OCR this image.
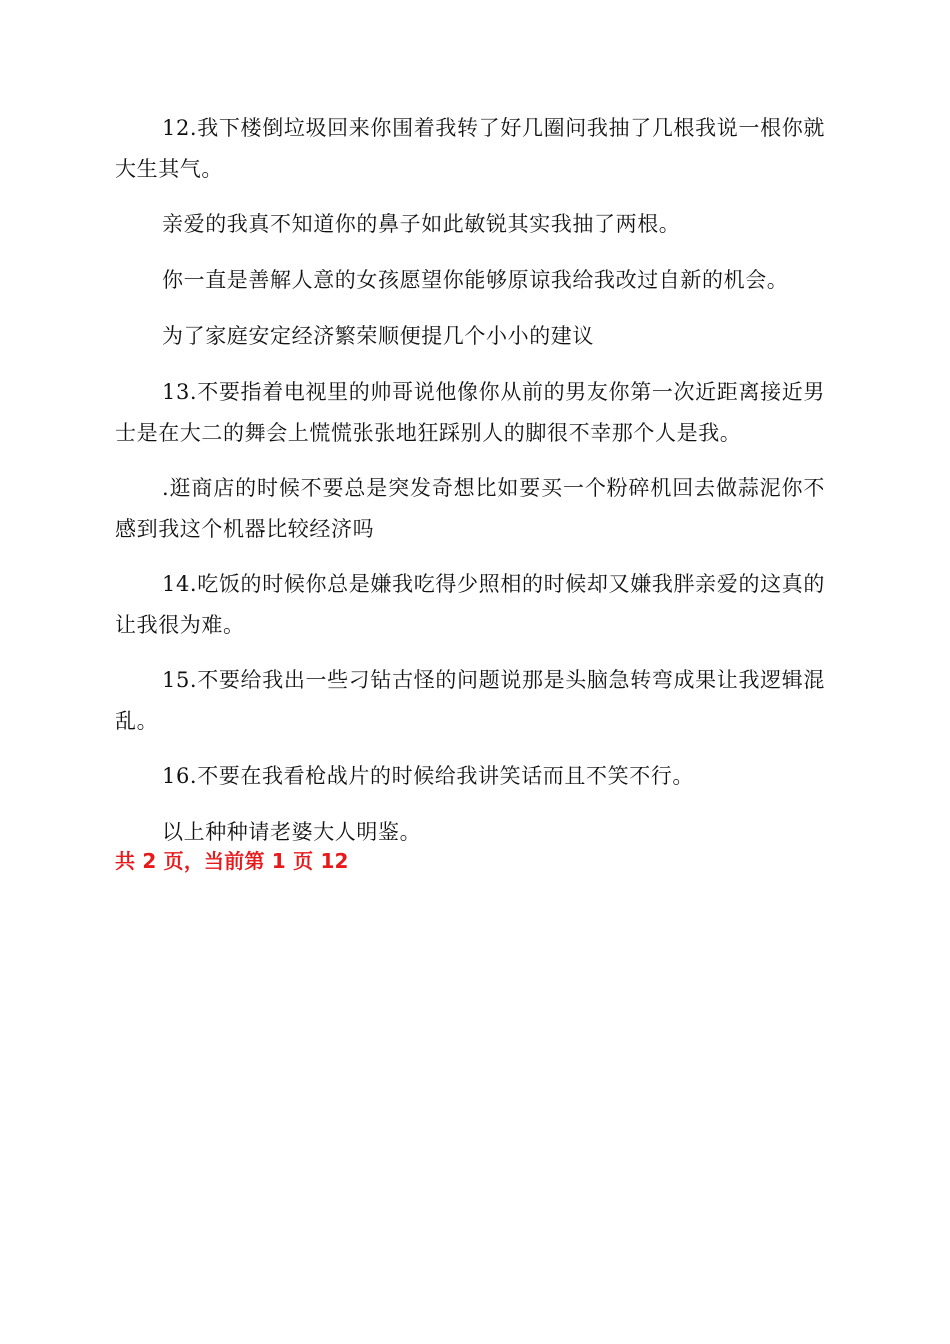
12.我下楼倒垃圾回来你围着我转了好几圈问我抽了几根我说一根你就大生其气。

亲爱的我真不知道你的鼻子如此敏锐其实我抽了两根。

你一直是善解人意的女孩愿望你能够原谅我给我改过自新的机会。

为了家庭安定经济繁荣顺便提几个小小的建议

13.不要指着电视里的帅哥说他像你从前的男友你第一次近距离接近男士是在大二的舞会上慌慌张张地狂踩别人的脚很不幸那个人是我。

.逛商店的时候不要总是突发奇想比如要买一个粉碎机回去做蒜泥你不感到我这个机器比较经济吗

14.吃饭的时候你总是嫌我吃得少照相的时候却又嫌我胖亲爱的这真的让我很为难。

15.不要给我出一些刁钻古怪的问题说那是头脑急转弯成果让我逻辑混乱。

16.不要在我看枪战片的时候给我讲笑话而且不笑不行。

以上种种请老婆大人明鉴。

共 2 页，当前第 1 页 12
